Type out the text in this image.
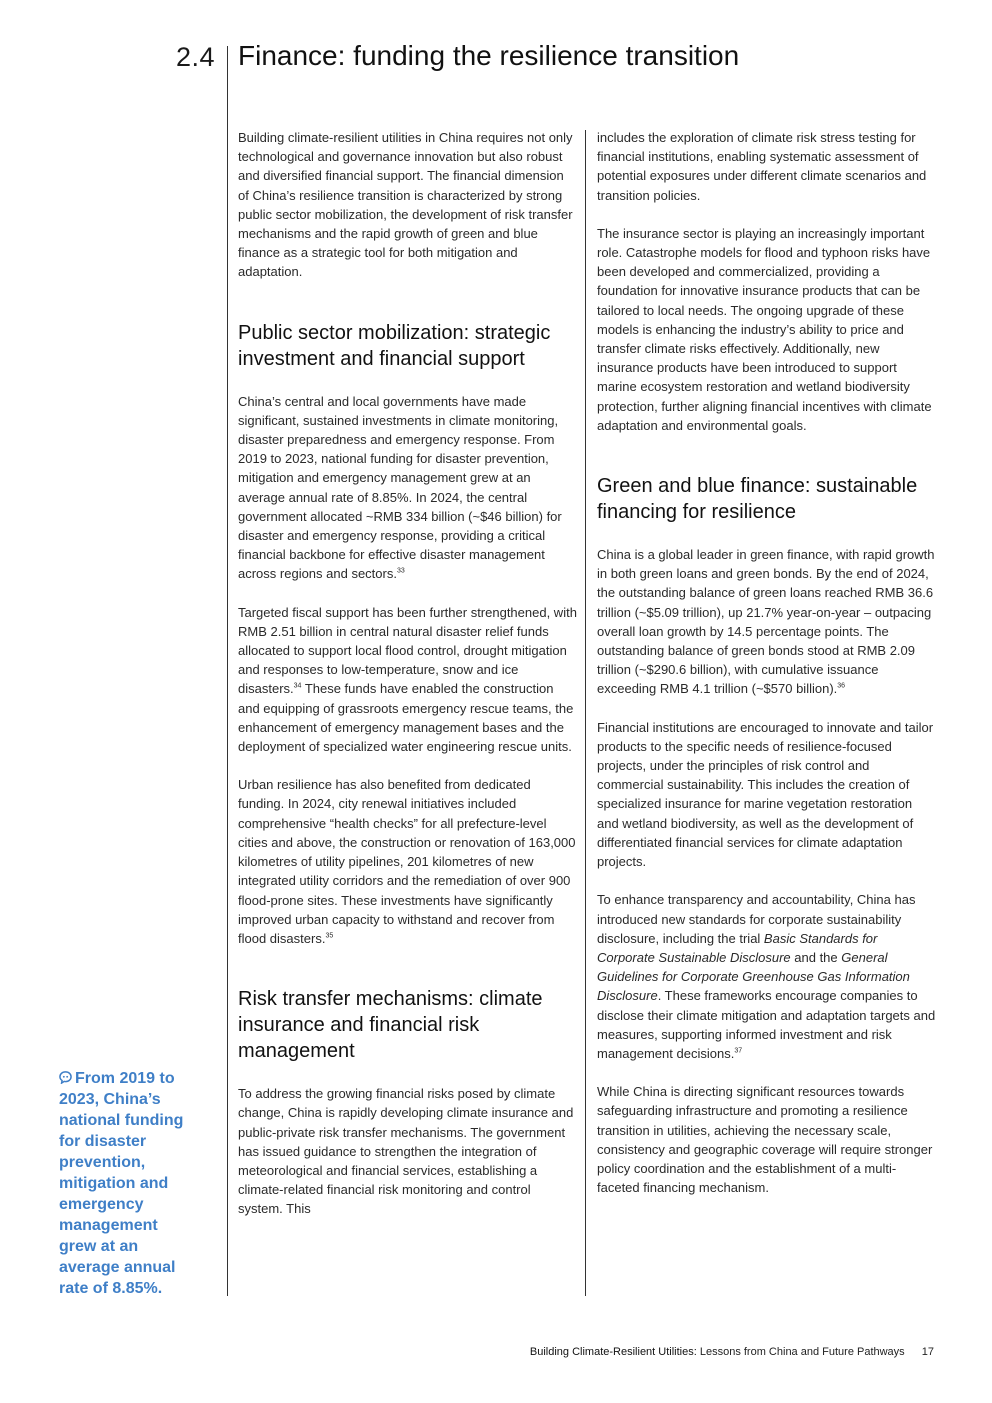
2.4 Finance: funding the resilience transition

Building climate-resilient utilities in China requires not only technological and governance innovation but also robust and diversified financial support. The financial dimension of China’s resilience transition is characterized by strong public sector mobilization, the development of risk transfer mechanisms and the rapid growth of green and blue finance as a strategic tool for both mitigation and adaptation.

Public sector mobilization: strategic investment and financial support

China’s central and local governments have made significant, sustained investments in climate monitoring, disaster preparedness and emergency response. From 2019 to 2023, national funding for disaster prevention, mitigation and emergency management grew at an average annual rate of 8.85%. In 2024, the central government allocated ~RMB 334 billion (~$46 billion) for disaster and emergency response, providing a critical financial backbone for effective disaster management across regions and sectors.$^{33}$

Targeted fiscal support has been further strengthened, with RMB 2.51 billion in central natural disaster relief funds allocated to support local flood control, drought mitigation and responses to low-temperature, snow and ice disasters.$^{34}$ These funds have enabled the construction and equipping of grassroots emergency rescue teams, the enhancement of emergency management bases and the deployment of specialized water engineering rescue units.

Urban resilience has also benefited from dedicated funding. In 2024, city renewal initiatives included comprehensive “health checks” for all prefecture-level cities and above, the construction or renovation of 163,000 kilometres of utility pipelines, 201 kilometres of new integrated utility corridors and the remediation of over 900 flood-prone sites. These investments have significantly improved urban capacity to withstand and recover from flood disasters.$^{35}$

Risk transfer mechanisms: climate insurance and financial risk management

To address the growing financial risks posed by climate change, China is rapidly developing climate insurance and public-private risk transfer mechanisms. The government has issued guidance to strengthen the integration of meteorological and financial services, establishing a climate-related financial risk monitoring and control system. This

includes the exploration of climate risk stress testing for financial institutions, enabling systematic assessment of potential exposures under different climate scenarios and transition policies.

The insurance sector is playing an increasingly important role. Catastrophe models for flood and typhoon risks have been developed and commercialized, providing a foundation for innovative insurance products that can be tailored to local needs. The ongoing upgrade of these models is enhancing the industry’s ability to price and transfer climate risks effectively. Additionally, new insurance products have been introduced to support marine ecosystem restoration and wetland biodiversity protection, further aligning financial incentives with climate adaptation and environmental goals.

Green and blue finance: sustainable financing for resilience

China is a global leader in green finance, with rapid growth in both green loans and green bonds. By the end of 2024, the outstanding balance of green loans reached RMB 36.6 trillion (~$5.09 trillion), up 21.7% year-on-year – outpacing overall loan growth by 14.5 percentage points. The outstanding balance of green bonds stood at RMB 2.09 trillion (~$290.6 billion), with cumulative issuance exceeding RMB 4.1 trillion (~$570 billion).$^{36}$

Financial institutions are encouraged to innovate and tailor products to the specific needs of resilience-focused projects, under the principles of risk control and commercial sustainability. This includes the creation of specialized insurance for marine vegetation restoration and wetland biodiversity, as well as the development of differentiated financial services for climate adaptation projects.

To enhance transparency and accountability, China has introduced new standards for corporate sustainability disclosure, including the trial Basic Standards for Corporate Sustainable Disclosure and the General Guidelines for Corporate Greenhouse Gas Information Disclosure. These frameworks encourage companies to disclose their climate mitigation and adaptation targets and measures, supporting informed investment and risk management decisions.$^{37}$

While China is directing significant resources towards safeguarding infrastructure and promoting a resilience transition in utilities, achieving the necessary scale, consistency and geographic coverage will require stronger policy coordination and the establishment of a multi-faceted financing mechanism.

From 2019 to 2023, China’s national funding for disaster prevention, mitigation and emergency management grew at an average annual rate of 8.85%.
Building Climate-Resilient Utilities: Lessons from China and Future Pathways 17
